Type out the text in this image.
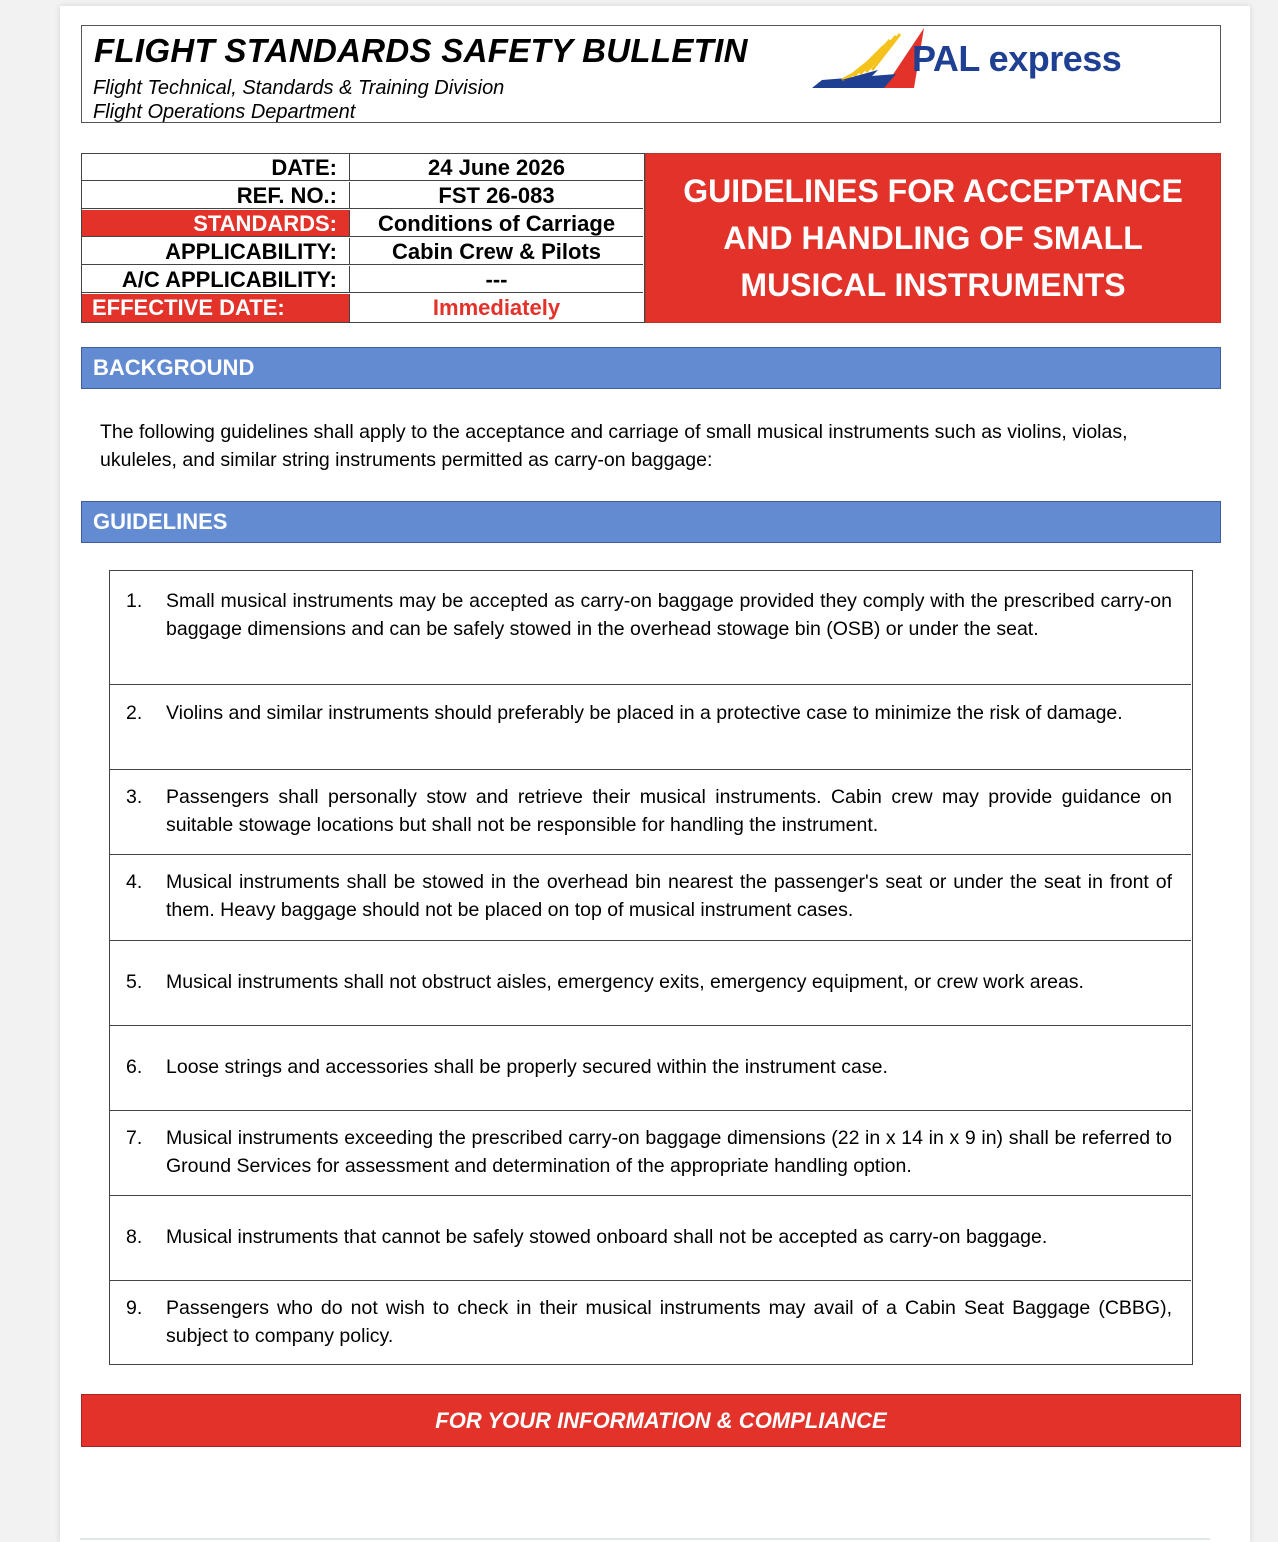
FLIGHT STANDARDS SAFETY BULLETIN
Flight Technical, Standards & Training Division
Flight Operations Department
PAL express
DATE:	24 June 2026
REF. NO.:	FST 26-083
STANDARDS:	Conditions of Carriage
APPLICABILITY:	Cabin Crew & Pilots
A/C APPLICABILITY:	---
EFFECTIVE DATE:	Immediately
GUIDELINES FOR ACCEPTANCE
AND HANDLING OF SMALL
MUSICAL INSTRUMENTS
BACKGROUND
The following guidelines shall apply to the acceptance and carriage of small musical instruments such as violins, violas, ukuleles, and similar string instruments permitted as carry-on baggage:
GUIDELINES
1. Small musical instruments may be accepted as carry-on baggage provided they comply with the prescribed carry-on baggage dimensions and can be safely stowed in the overhead stowage bin (OSB) or under the seat.
2. Violins and similar instruments should preferably be placed in a protective case to minimize the risk of damage.
3. Passengers shall personally stow and retrieve their musical instruments. Cabin crew may provide guidance on suitable stowage locations but shall not be responsible for handling the instrument.
4. Musical instruments shall be stowed in the overhead bin nearest the passenger's seat or under the seat in front of them. Heavy baggage should not be placed on top of musical instrument cases.
5. Musical instruments shall not obstruct aisles, emergency exits, emergency equipment, or crew work areas.
6. Loose strings and accessories shall be properly secured within the instrument case.
7. Musical instruments exceeding the prescribed carry-on baggage dimensions (22 in x 14 in x 9 in) shall be referred to Ground Services for assessment and determination of the appropriate handling option.
8. Musical instruments that cannot be safely stowed onboard shall not be accepted as carry-on baggage.
9. Passengers who do not wish to check in their musical instruments may avail of a Cabin Seat Baggage (CBBG), subject to company policy.
FOR YOUR INFORMATION & COMPLIANCE
